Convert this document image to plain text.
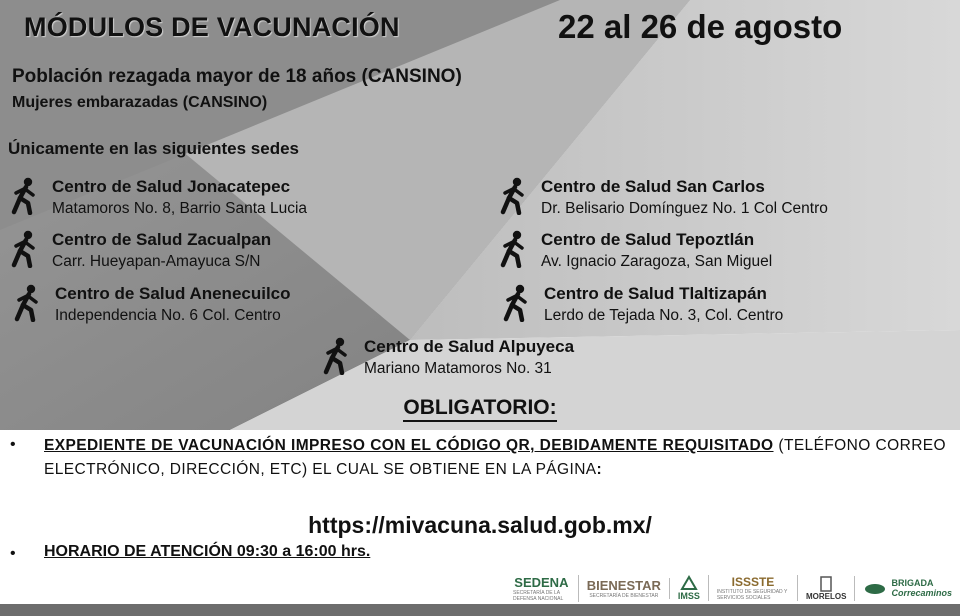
MÓDULOS DE VACUNACIÓN	22 al 26 de agosto
Población rezagada mayor de 18 años (CANSINO)
Mujeres embarazadas (CANSINO)
Únicamente en las siguientes sedes
Centro de Salud Jonacatepec
Matamoros No. 8, Barrio Santa Lucia
Centro de Salud San Carlos
Dr. Belisario Domínguez No. 1 Col Centro
Centro de Salud Zacualpan
Carr. Hueyapan-Amayuca S/N
Centro de Salud Tepoztlán
Av. Ignacio Zaragoza, San Miguel
Centro de Salud Anenecuilco
Independencia No. 6 Col. Centro
Centro de Salud Tlaltizapán
Lerdo de Tejada No. 3, Col. Centro
Centro de Salud Alpuyeca
Mariano Matamoros No. 31
OBLIGATORIO:
• EXPEDIENTE DE VACUNACIÓN IMPRESO CON EL CÓDIGO QR, DEBIDAMENTE REQUISITADO (TELÉFONO CORREO ELECTRÓNICO, DIRECCIÓN, ETC) EL CUAL SE OBTIENE EN LA PÁGINA:
https://mivacuna.salud.gob.mx/
• HORARIO DE ATENCIÓN 09:30 a 16:00 hrs.
SEDENA
SECRETARÍA DE LA DEFENSA NACIONAL
BIENESTAR
SECRETARÍA DE BIENESTAR IMSS
ISSSTE
INSTITUTO DE SEGURIDAD Y SERVICIOS SOCIALES	MORELOS
BRIGADA
Correcaminos
